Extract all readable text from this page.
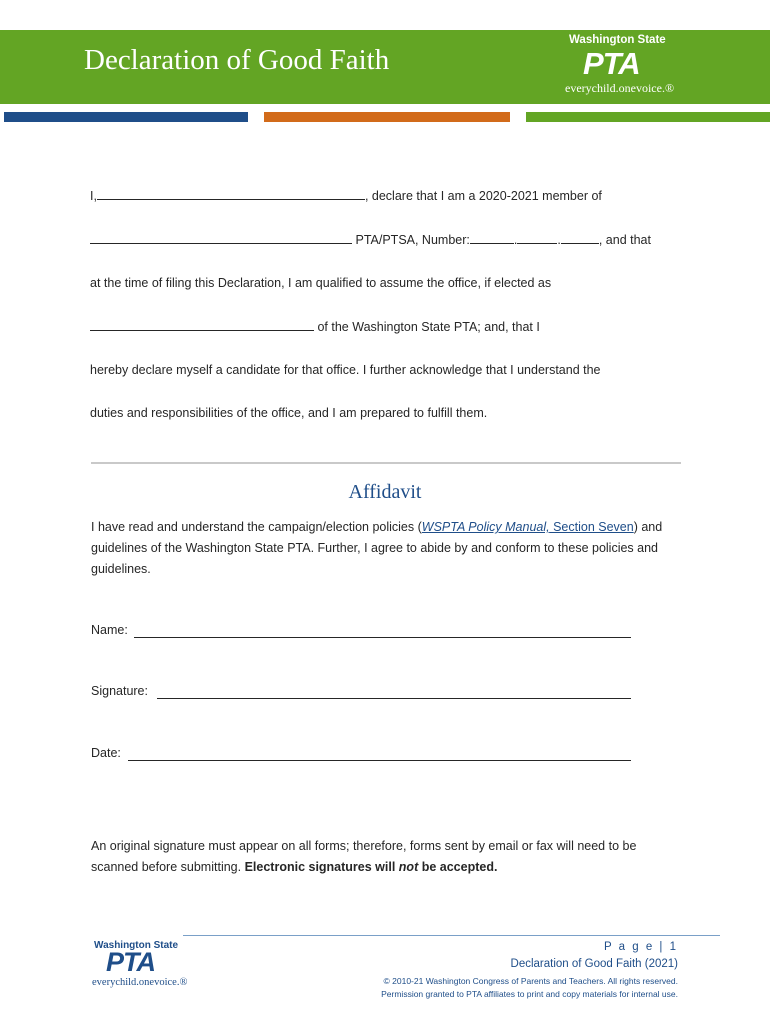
Declaration of Good Faith
Washington State
PTA
everychild.onevoice.®
I,	, declare that I am a 2020-2021 member of
PTA/PTSA, Number:	.	.	, and that
at the time of filing this Declaration, I am qualified to assume the office, if elected as
of the Washington State PTA; and, that I
hereby declare myself a candidate for that office. I further acknowledge that I understand the
duties and responsibilities of the office, and I am prepared to fulfill them.
Affidavit
I have read and understand the campaign/election policies (WSPTA Policy Manual, Section Seven) and guidelines of the Washington State PTA. Further, I agree to abide by and conform to these policies and guidelines.
Name:
Signature:
Date:
An original signature must appear on all forms; therefore, forms sent by email or fax will need to be scanned before submitting. Electronic signatures will not be accepted.
Washington State
PTA
everychild.onevoice.®
P a g e | 1
Declaration of Good Faith (2021)
© 2010-21 Washington Congress of Parents and Teachers. All rights reserved.
Permission granted to PTA affiliates to print and copy materials for internal use.
